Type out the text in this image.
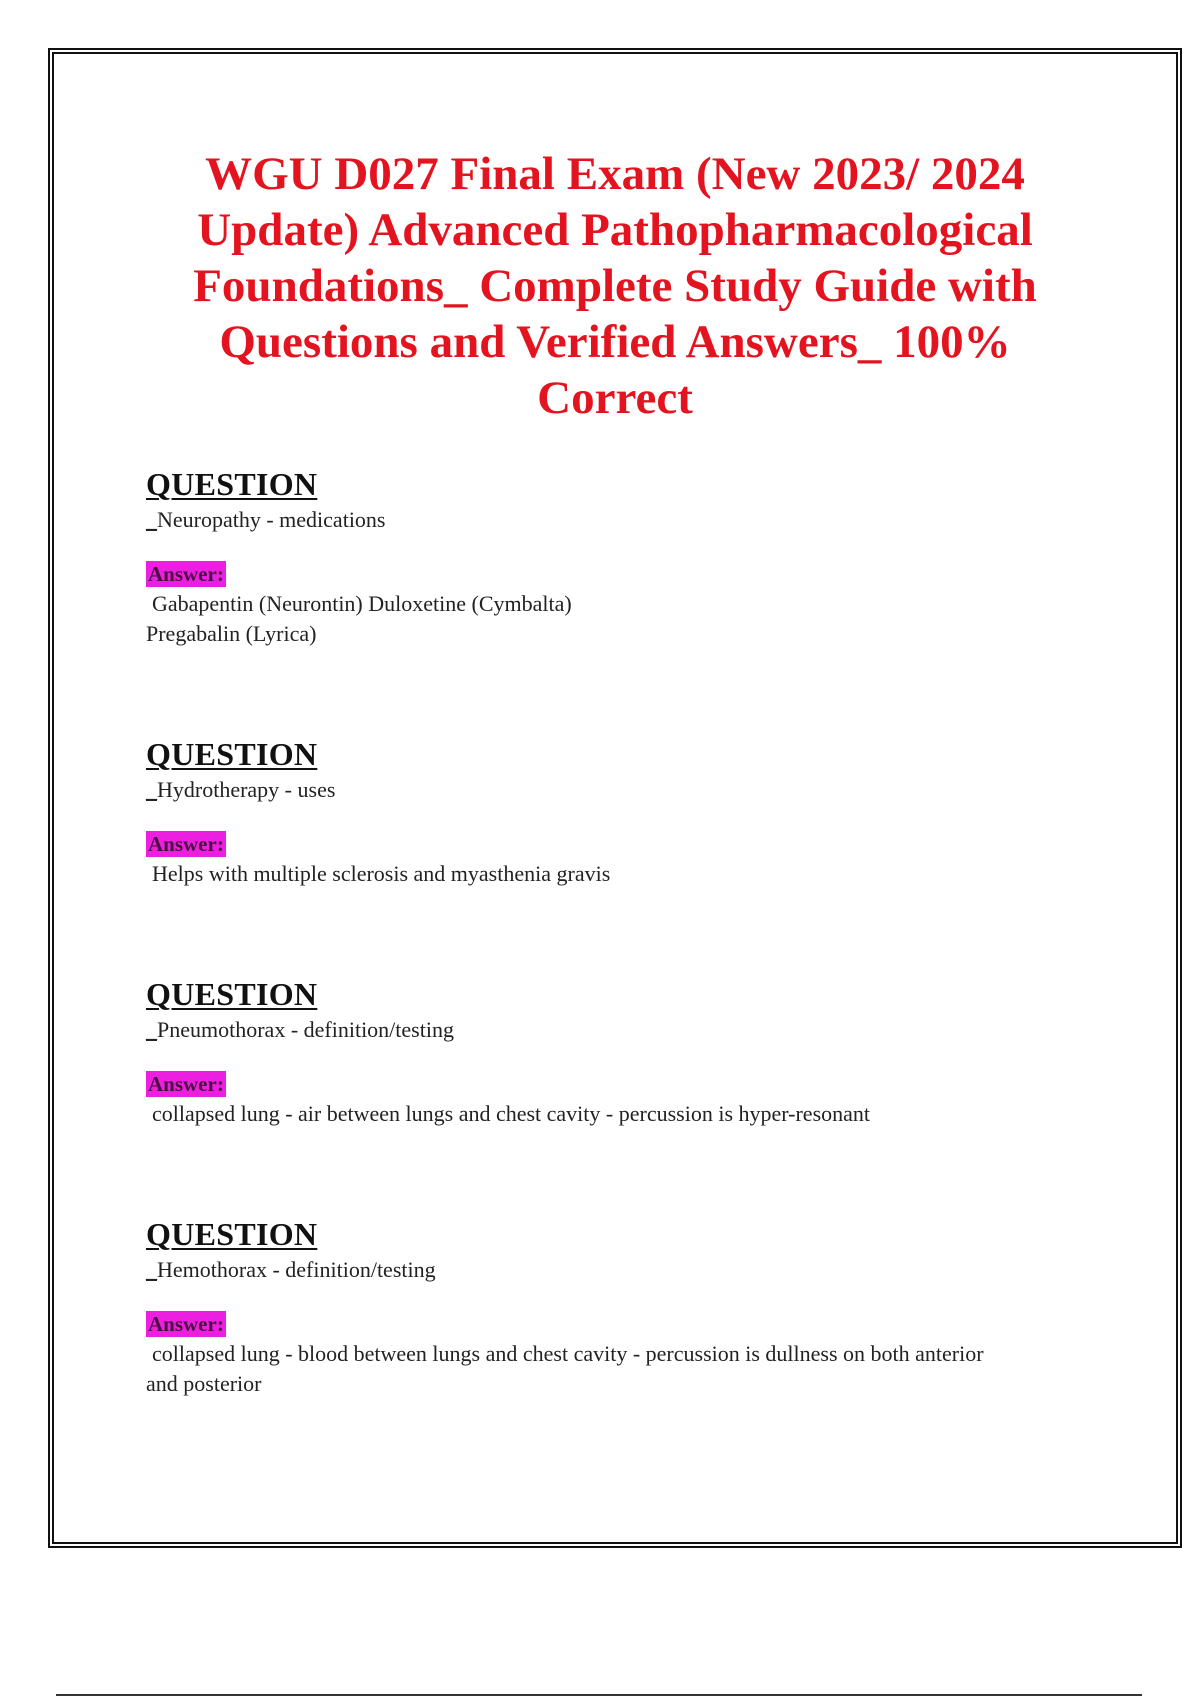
WGU D027 Final Exam (New 2023/ 2024 Update) Advanced Pathopharmacological Foundations_ Complete Study Guide with Questions and Verified Answers_ 100% Correct
QUESTION

_Neuropathy - medications

Answer:

Gabapentin (Neurontin) Duloxetine (Cymbalta)

Pregabalin (Lyrica)

QUESTION

_Hydrotherapy - uses

Answer:

Helps with multiple sclerosis and myasthenia gravis

QUESTION

_Pneumothorax - definition/testing

Answer:

collapsed lung - air between lungs and chest cavity - percussion is hyper-resonant

QUESTION

_Hemothorax - definition/testing

Answer:

collapsed lung - blood between lungs and chest cavity - percussion is dullness on both anterior

and posterior
